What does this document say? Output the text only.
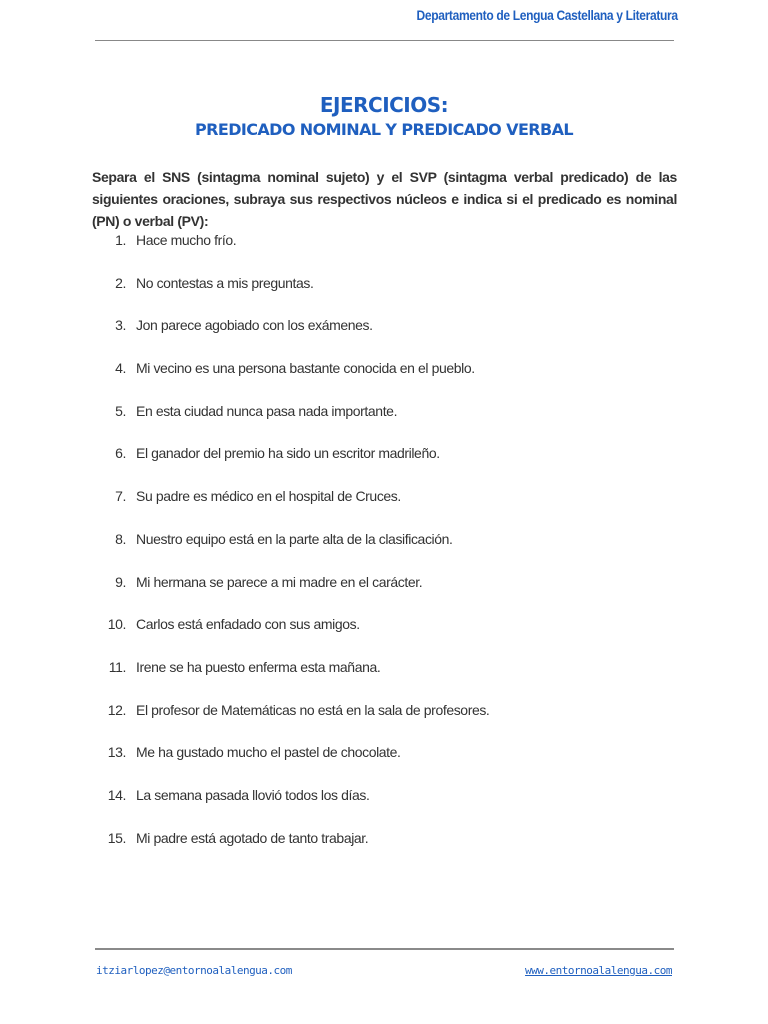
Departamento de Lengua Castellana y Literatura
EJERCICIOS:
PREDICADO NOMINAL Y PREDICADO VERBAL
Separa el SNS (sintagma nominal sujeto) y el SVP (sintagma verbal predicado) de las siguientes oraciones, subraya sus respectivos núcleos e indica si el predicado es nominal (PN) o verbal (PV):
1. Hace mucho frío.
2. No contestas a mis preguntas.
3. Jon parece agobiado con los exámenes.
4. Mi vecino es una persona bastante conocida en el pueblo.
5. En esta ciudad nunca pasa nada importante.
6. El ganador del premio ha sido un escritor madrileño.
7. Su padre es médico en el hospital de Cruces.
8. Nuestro equipo está en la parte alta de la clasificación.
9. Mi hermana se parece a mi madre en el carácter.
10. Carlos está enfadado con sus amigos.
11. Irene se ha puesto enferma esta mañana.
12. El profesor de Matemáticas no está en la sala de profesores.
13. Me ha gustado mucho el pastel de chocolate.
14. La semana pasada llovió todos los días.
15. Mi padre está agotado de tanto trabajar.
itziarlopez@entornoalalengua.com	www.entornoalalengua.com
